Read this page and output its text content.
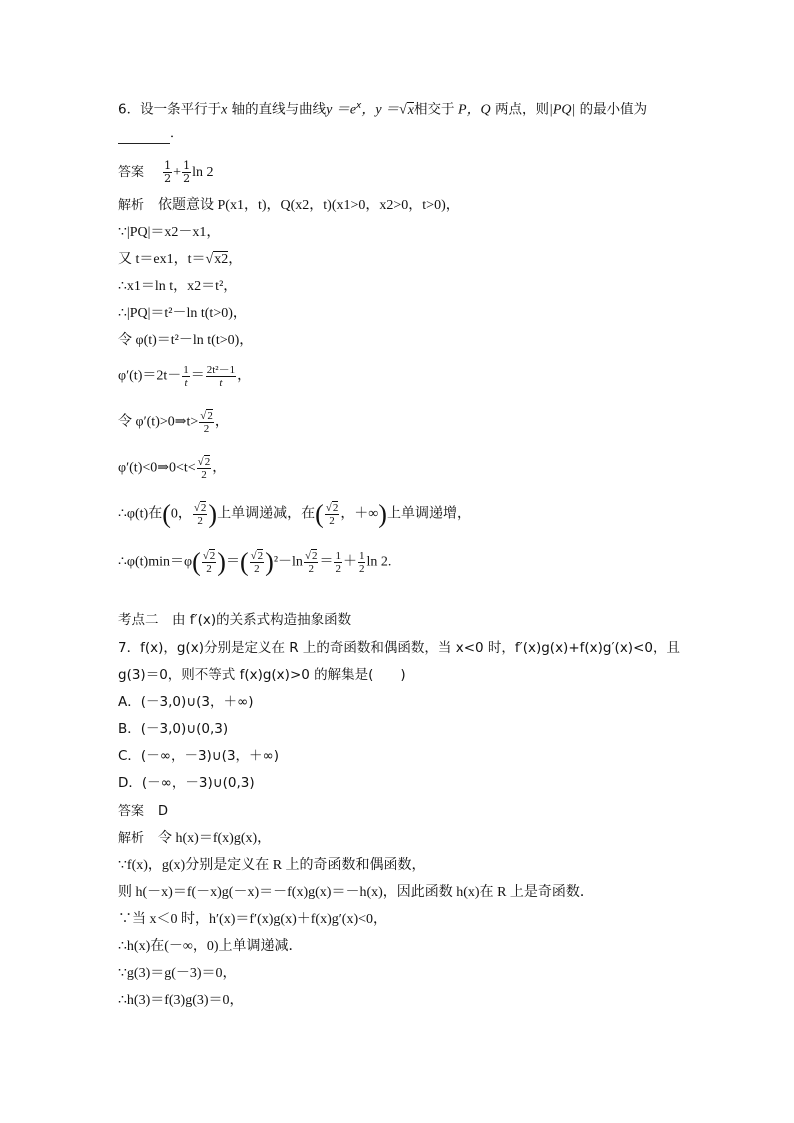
6．设一条平行于x 轴的直线与曲线$y =e^x$，y ＝√x相交于 P，Q 两点，则|PQ| 的最小值为
．
答案 $\frac{1}{2} + \frac{1}{2}$ ln 2
解析 依题意设 P(x1，t)，Q(x2，t)(x1>0，x2>0，t>0)，
∵|PQ|＝x2－x1，
又 t＝ex1，t＝√x2，
∴x1＝ln t，x2＝t²，
∴|PQ|＝t²－ln t(t>0)，
令 φ(t)＝t²－ln t(t>0)，
$\varphi'(t)=2t- \frac{1}{t} = \frac{\text{2t²－1}}{t}$ ，
令 φ′(t)>0⇒t> $\frac{√2}{2}$ ，
φ′(t)<0⇒0<t< $\frac{√2}{2}$ ，
∴φ(t)在(0， $\frac{√2}{2}$ )上单调递减，在( $\frac{√2}{2}$ ，＋∞)上单调递增，
∴φ(t)min＝φ( $\frac{√2}{2}$ )＝( $\frac{√2}{2} )^2-\ln \frac{√2}{2} = \frac{1}{2} + \frac{1}{2}$ ln 2.
考点二　由 f′(x)的关系式构造抽象函数
7．f(x)，g(x)分别是定义在 R 上的奇函数和偶函数，当 x<0 时，f′(x)g(x)+f(x)g′(x)<0，且
g(3)＝0，则不等式 f(x)g(x)>0 的解集是(　　)
A．(－3,0)∪(3，＋∞)
B．(－3,0)∪(0,3)
C．(－∞，－3)∪(3，＋∞)
D．(－∞，－3)∪(0,3)
答案 D
解析 令 h(x)＝f(x)g(x)，
∵f(x)，g(x)分别是定义在 R 上的奇函数和偶函数，
则 h(－x)＝f(－x)g(－x)＝－f(x)g(x)＝－h(x)，因此函数 h(x)在 R 上是奇函数．
∵当 x＜0 时，h′(x)＝f′(x)g(x)＋f(x)g′(x)<0，
∴h(x)在(－∞，0)上单调递减．
∵g(3)＝g(－3)＝0，
∴h(3)＝f(3)g(3)＝0，
